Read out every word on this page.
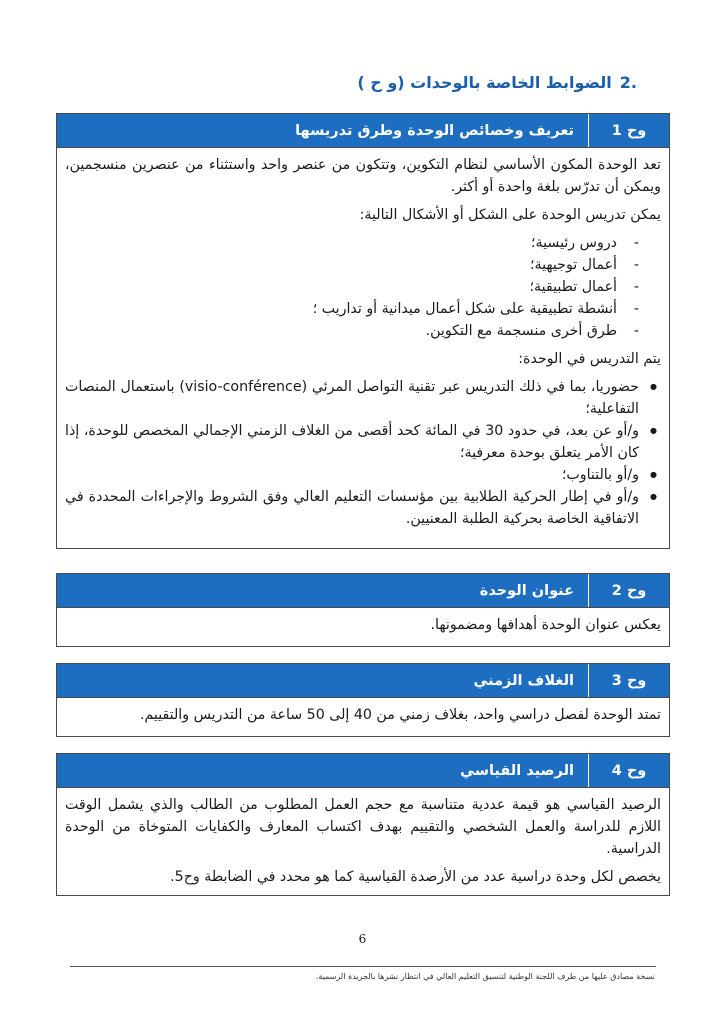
.2الضوابط الخاصة بالوحدات (و ح )
وح 1
تعريف وخصائص الوحدة وطرق تدريسها

تعد الوحدة المكون الأساسي لنظام التكوين، وتتكون من عنصر واحد واستثناء من عنصرين منسجمين، ويمكن أن تدرّس بلغة واحدة أو أكثر.

يمكن تدريس الوحدة على الشكل أو الأشكال التالية:

- دروس رئيسية؛
- أعمال توجيهية؛
- أعمال تطبيقية؛
- أنشطة تطبيقية على شكل أعمال ميدانية أو تداريب ؛
- طرق أخرى منسجمة مع التكوين.

يتم التدريس في الوحدة:

● حضوريا، بما في ذلك التدريس عبر تقنية التواصل المرئي (visio-conférence) باستعمال المنصات التفاعلية؛
● و/أو عن بعد، في حدود 30 في المائة كحد أقصى من الغلاف الزمني الإجمالي المخصص للوحدة، إذا كان الأمر يتعلق بوحدة معرفية؛
● و/أو بالتناوب؛
● و/أو في إطار الحركية الطلابية بين مؤسسات التعليم العالي وفق الشروط والإجراءات المحددة في الاتفاقية الخاصة بحركية الطلبة المعنيين.
وح 2
عنوان الوحدة

يعكس عنوان الوحدة أهدافها ومضمونها.

وح 3
الغلاف الزمني

تمتد الوحدة لفصل دراسي واحد، بغلاف زمني من 40 إلى 50 ساعة من التدريس والتقييم.

وح 4
الرصيد القياسي

الرصيد القياسي هو قيمة عددية متناسبة مع حجم العمل المطلوب من الطالب والذي يشمل الوقت اللازم للدراسة والعمل الشخصي والتقييم بهدف اكتساب المعارف والكفايات المتوخاة من الوحدة الدراسية.

يخصص لكل وحدة دراسية عدد من الأرصدة القياسية كما هو محدد في الضابطة وح5.

6
نسخة مصادق عليها من طرف اللجنة الوطنية لتنسيق التعليم العالي في انتظار نشرها بالجريدة الرسمية.
